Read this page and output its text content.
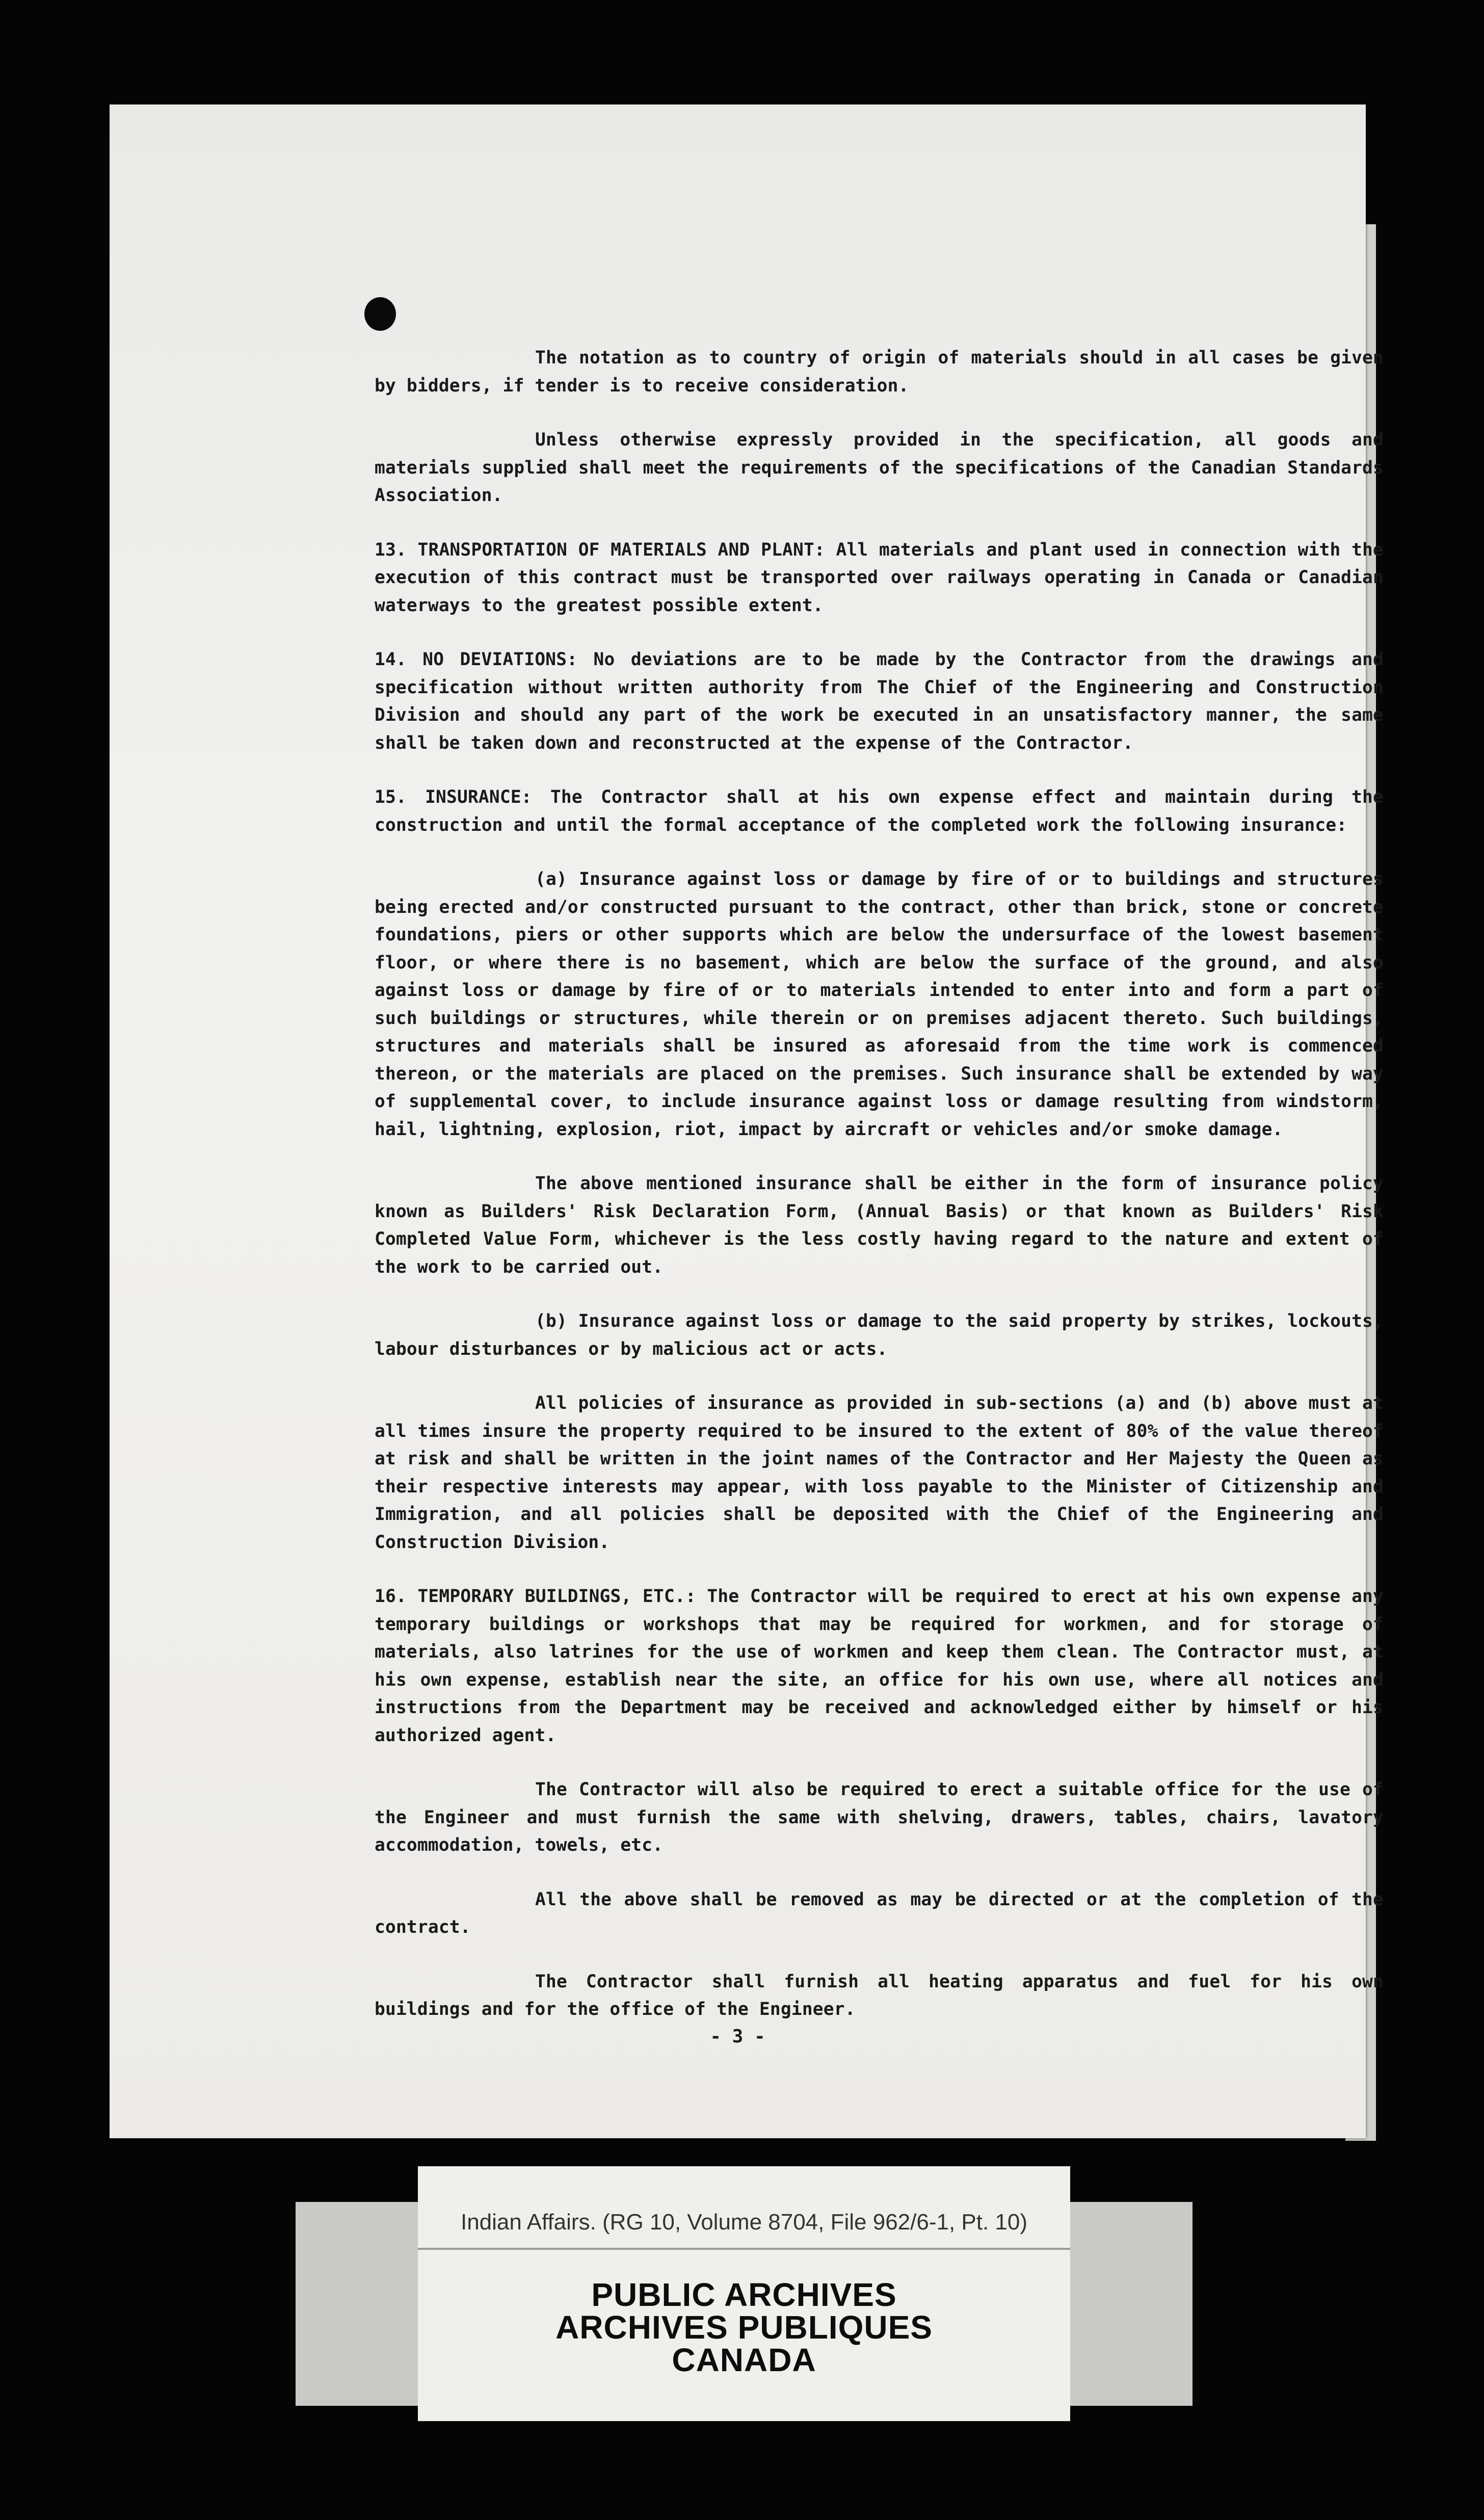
The notation as to country of origin of materials should in all cases be given by bidders, if tender is to receive consideration.

Unless otherwise expressly provided in the specification, all goods and materials supplied shall meet the requirements of the specifications of the Canadian Standards Association.

13. TRANSPORTATION OF MATERIALS AND PLANT: All materials and plant used in connection with the execution of this contract must be transported over railways operating in Canada or Canadian waterways to the greatest possible extent.

14. NO DEVIATIONS: No deviations are to be made by the Contractor from the drawings and specification without written authority from The Chief of the Engineering and Construction Division and should any part of the work be executed in an unsatisfactory manner, the same shall be taken down and reconstructed at the expense of the Contractor.

15. INSURANCE: The Contractor shall at his own expense effect and maintain during the construction and until the formal acceptance of the completed work the following insurance:

(a) Insurance against loss or damage by fire of or to buildings and structures being erected and/or constructed pursuant to the contract, other than brick, stone or concrete foundations, piers or other supports which are below the undersurface of the lowest basement floor, or where there is no basement, which are below the surface of the ground, and also against loss or damage by fire of or to materials intended to enter into and form a part of such buildings or structures, while therein or on premises adjacent thereto. Such buildings, structures and materials shall be insured as aforesaid from the time work is commenced thereon, or the materials are placed on the premises. Such insurance shall be extended by way of supplemental cover, to include insurance against loss or damage resulting from windstorm, hail, lightning, explosion, riot, impact by aircraft or vehicles and/or smoke damage.

The above mentioned insurance shall be either in the form of insurance policy known as Builders' Risk Declaration Form, (Annual Basis) or that known as Builders' Risk Completed Value Form, whichever is the less costly having regard to the nature and extent of the work to be carried out.

(b) Insurance against loss or damage to the said property by strikes, lockouts, labour disturbances or by malicious act or acts.

All policies of insurance as provided in sub-sections (a) and (b) above must at all times insure the property required to be insured to the extent of 80% of the value thereof at risk and shall be written in the joint names of the Contractor and Her Majesty the Queen as their respective interests may appear, with loss payable to the Minister of Citizenship and Immigration, and all policies shall be deposited with the Chief of the Engineering and Construction Division.

16. TEMPORARY BUILDINGS, ETC.: The Contractor will be required to erect at his own expense any temporary buildings or workshops that may be required for workmen, and for storage of materials, also latrines for the use of workmen and keep them clean. The Contractor must, at his own expense, establish near the site, an office for his own use, where all notices and instructions from the Department may be received and acknowledged either by himself or his authorized agent.

The Contractor will also be required to erect a suitable office for the use of the Engineer and must furnish the same with shelving, drawers, tables, chairs, lavatory accommodation, towels, etc.

All the above shall be removed as may be directed or at the completion of the contract.

The Contractor shall furnish all heating apparatus and fuel for his own buildings and for the office of the Engineer.

- 3 -
Indian Affairs. (RG 10, Volume 8704, File 962/6-1, Pt. 10)
PUBLIC ARCHIVES
ARCHIVES PUBLIQUES
CANADA
